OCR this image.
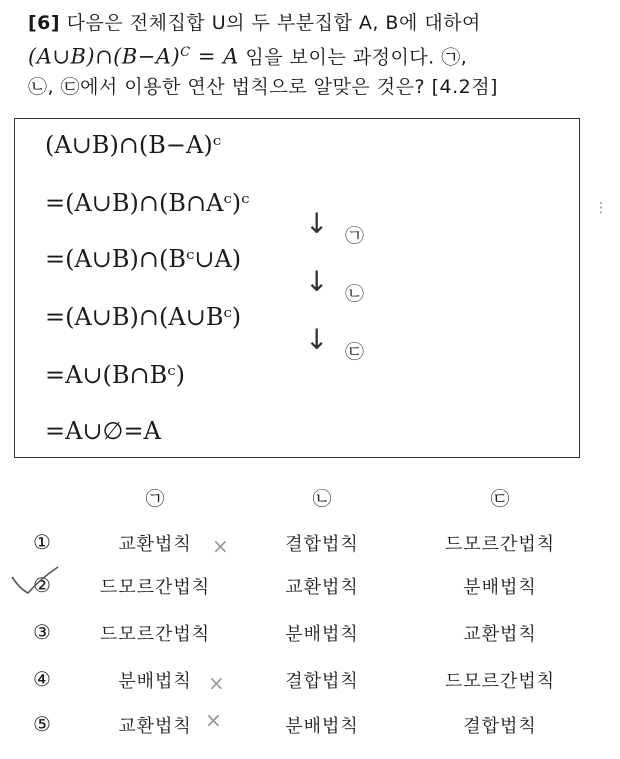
[6] 다음은 전체집합 U의 두 부분집합 A, B에 대하여
$(A\cup B)\cap(B-A)^C = A$ 임을 보이는 과정이다. ㉠,
㉡, ㉢에서 이용한 연산 법칙으로 알맞은 것은? [4.2점]
(A∪B)∩(B−A)ᶜ
=(A∪B)∩(B∩Aᶜ)ᶜ
=(A∪B)∩(Bᶜ∪A)
=(A∪B)∩(A∪Bᶜ)
=A∪(B∩Bᶜ)
=A∪∅=A
↓
↓
↓
㉠
㉡
㉢
⋮
㉠	㉡	㉢
①	교환법칙 ×	결합법칙	드모르간법칙
②	드모르간법칙	교환법칙	분배법칙
③	드모르간법칙	분배법칙	교환법칙
④	분배법칙 ×	결합법칙	드모르간법칙
⑤	교환법칙 ×	분배법칙	결합법칙
